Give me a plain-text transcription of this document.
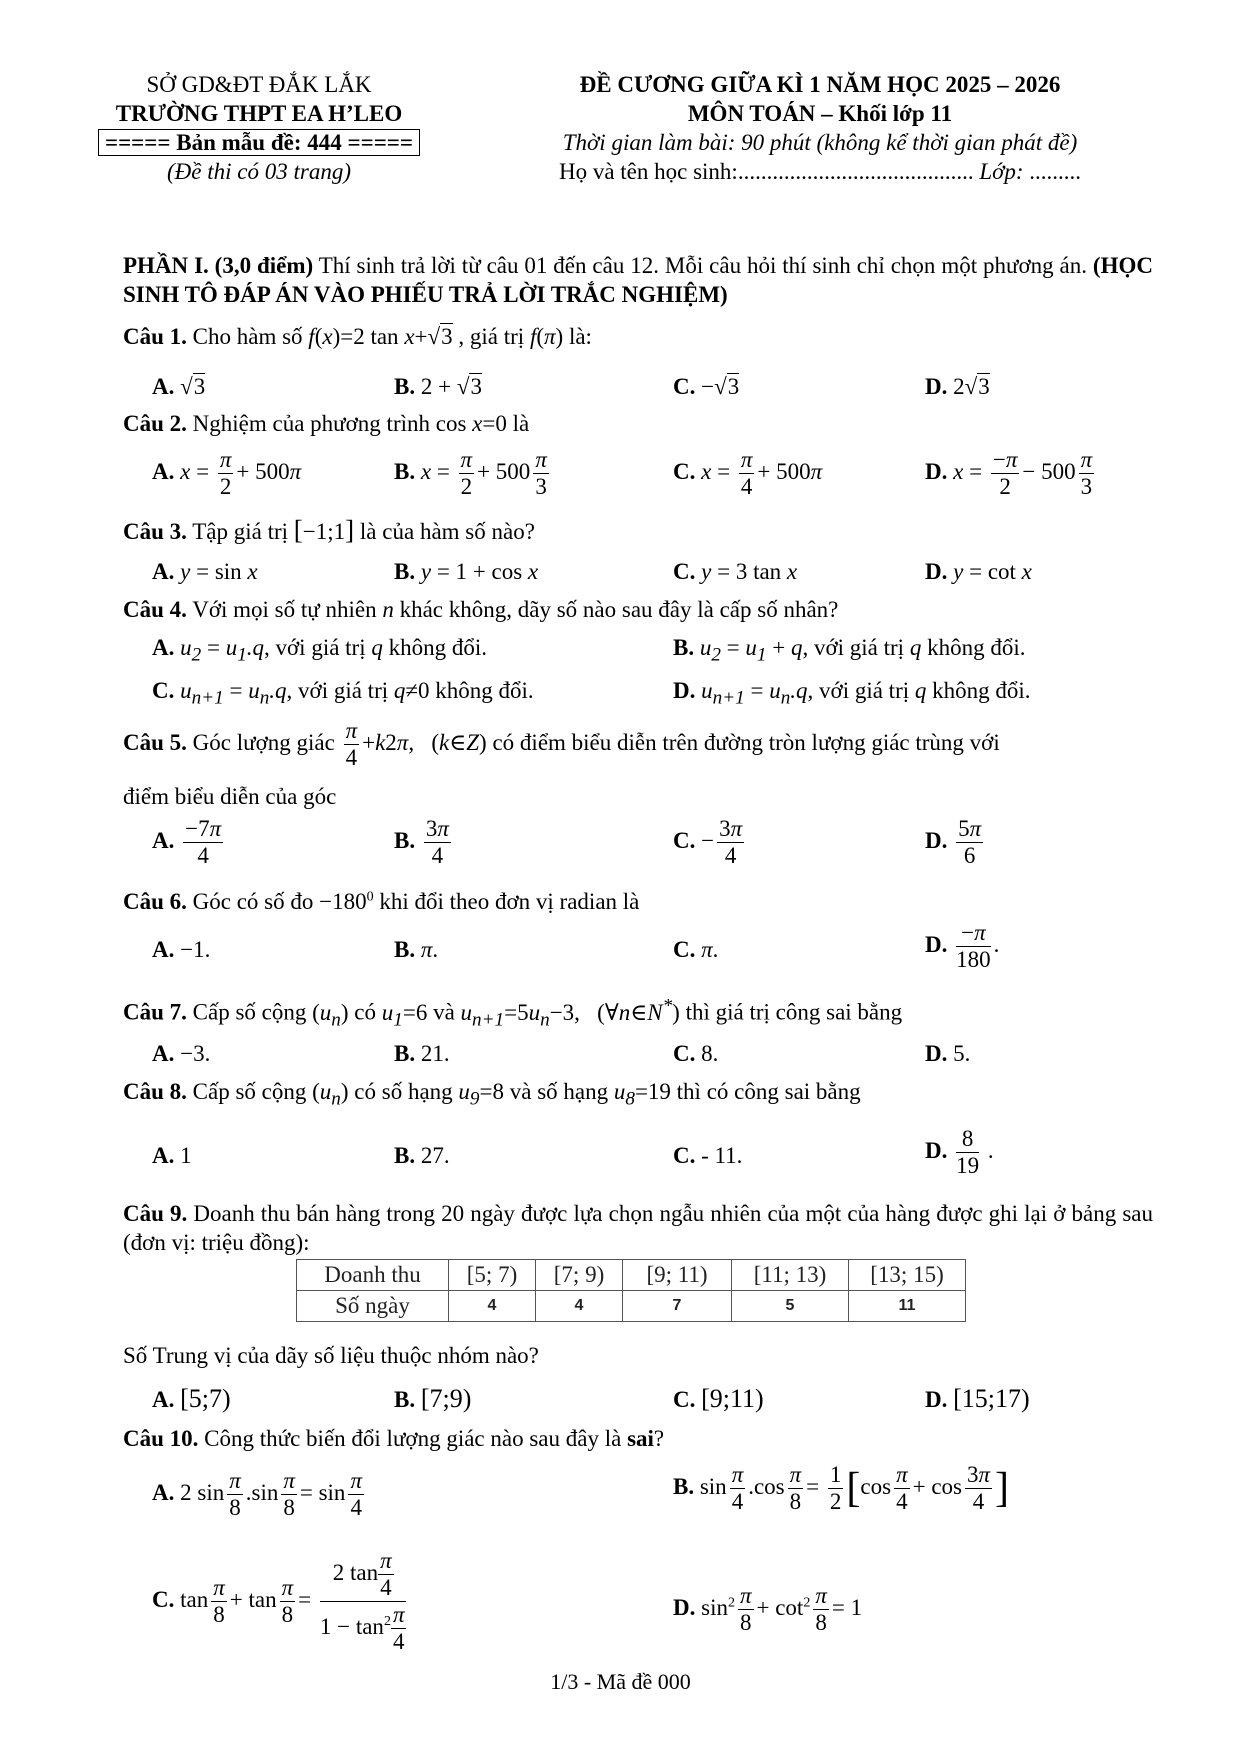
SỞ GD&ĐT ĐẮK LẮK
TRƯỜNG THPT EA H’LEO
===== Bản mẫu đề: 444 =====
(Đề thi có 03 trang)
ĐỀ CƯƠNG GIỮA KÌ 1 NĂM HỌC 2025 – 2026
MÔN TOÁN – Khối lớp 11
Thời gian làm bài: 90 phút (không kể thời gian phát đề)
Họ và tên học sinh:......................................... Lớp: .........
PHẦN I. (3,0 điểm) Thí sinh trả lời từ câu 01 đến câu 12. Mỗi câu hỏi thí sinh chỉ chọn một phương án. (HỌC SINH TÔ ĐÁP ÁN VÀO PHIẾU TRẢ LỜI TRẮC NGHIỆM)
Câu 1. Cho hàm số f(x)=2 tan x+√3 , giá trị f(π) là:
A. √3	B. 2 + √3	C. −√3	D. 2√3
Câu 2. Nghiệm của phương trình cos x=0 là
A. $x = \frac{\pi}{2} + 500\pi$	B. $x = \frac{\pi}{2} + 500 \frac{\pi}{3}$	C. $x = \frac{\pi}{4} + 500\pi$	D. $x = \frac{-\pi}{2} - 500 \frac{\pi}{3}$
Câu 3. Tập giá trị [−1;1] là của hàm số nào?
A. y = sin x	B. y = 1 + cos x	C. y = 3 tan x	D. y = cot x
Câu 4. Với mọi số tự nhiên n khác không, dãy số nào sau đây là cấp số nhân?
A. $u_2 = u_1.q$, với giá trị q không đổi.	B. $u_2 = u_1 + q$, với giá trị q không đổi.
C. $u_{n+1} = u_n.q$, với giá trị q≠0 không đổi.	D. $u_{n+1} = u_n.q$, với giá trị q không đổi.
Câu 5. Góc lượng giác $\frac{\pi}{4} +k2\pi$,   (k∈Z) có điểm biểu diễn trên đường tròn lượng giác trùng với
điểm biểu diễn của góc
A. $\frac{-7\pi}{4}$	B. $\frac{3\pi}{4}$	C. − $\frac{3\pi}{4}$	D. $\frac{5\pi}{6}$
Câu 6. Góc có số đo $-180^0$ khi đổi theo đơn vị radian là
A. −1.	B. π.	C. π.	D. $\frac{-\pi}{180}$ .
Câu 7. Cấp số cộng $(u_n)$ có $u_1=6$ và $u_{n+1}=5u_n-3$,   (∀n∈N*) thì giá trị công sai bằng
A. −3.	B. 21.	C. 8.	D. 5.
Câu 8. Cấp số cộng $(u_n)$ có số hạng $u_9=8$ và số hạng $u_8=19$ thì có công sai bằng
A. 1	B. 27.	C. - 11.	D. $\frac{8}{19}$ .
Câu 9. Doanh thu bán hàng trong 20 ngày được lựa chọn ngẫu nhiên của một của hàng được ghi lại ở bảng sau (đơn vị: triệu đồng):
Doanh thu	[5; 7)	[7; 9)	[9; 11)	[11; 13)	[13; 15)
Số ngày	4	4	7	5	11
Số Trung vị của dãy số liệu thuộc nhóm nào?
A. [5;7)	B. [7;9)	C. [9;11)	D. [15;17)
Câu 10. Công thức biến đổi lượng giác nào sau đây là sai?
A. 2 $\sin \frac{\pi}{8} .\sin \frac{\pi}{8} = \sin \frac{\pi}{4}$	B. $\sin \frac{\pi}{4} .\cos \frac{\pi}{8} = \frac{1}{2} [\cos \frac{\pi}{4} + \cos \frac{3\pi}{4}$ ]
C. $\tan \frac{\pi}{8} + \tan \frac{\pi}{8} = \frac{2 \tan \frac{\pi}{4}}{1 - \tan^2 \frac{\pi}{4}}$	D. $\sin^2 \frac{\pi}{8} + \cot^2 \frac{\pi}{8} = 1$
1/3 - Mã đề 000
